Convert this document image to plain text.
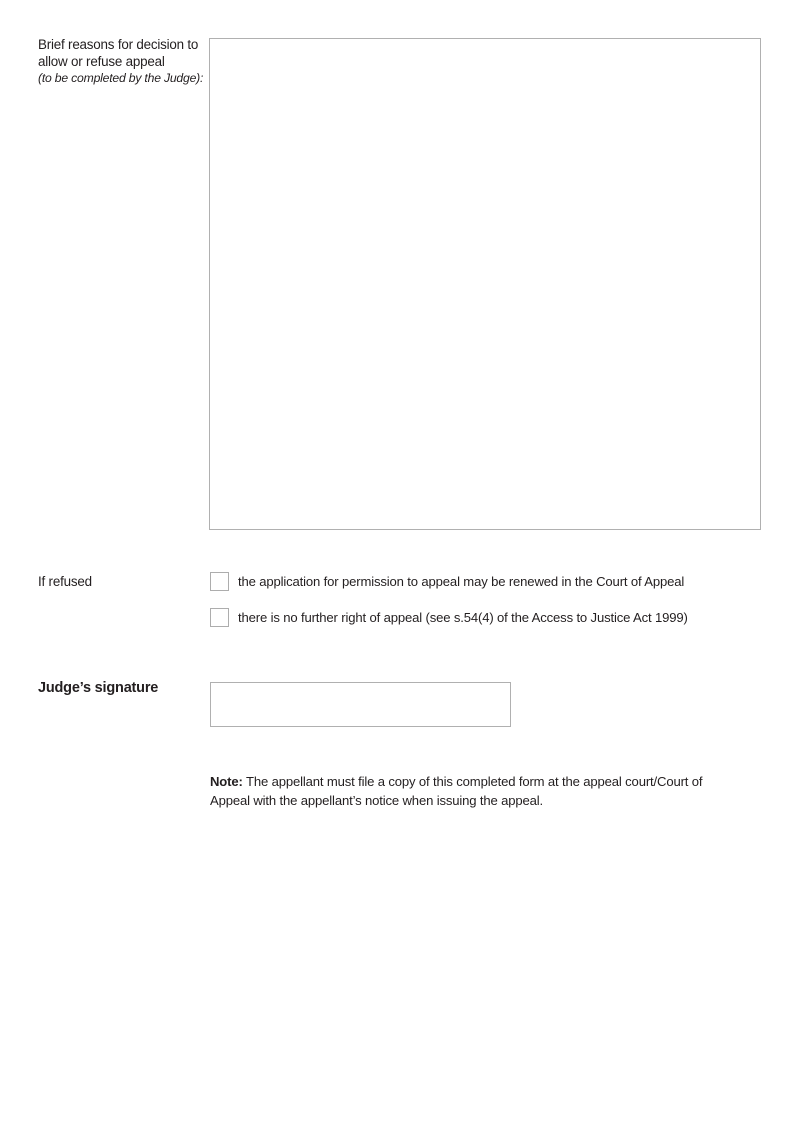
Brief reasons for decision to
allow or refuse appeal
(to be completed by the Judge):
If refused	the application for permission to appeal may be renewed in the Court of Appeal
there is no further right of appeal (see s.54(4) of the Access to Justice Act 1999)
Judge’s signature

Note: The appellant must file a copy of this completed form at the appeal court/Court of
Appeal with the appellant’s notice when issuing the appeal.
